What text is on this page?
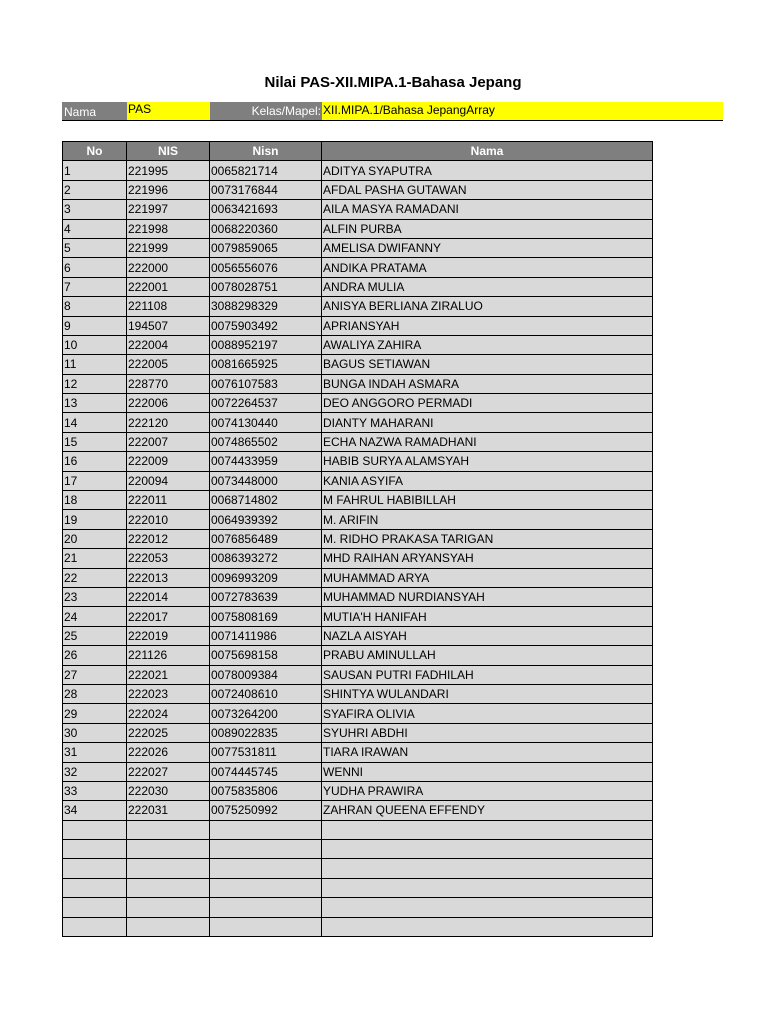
Nilai PAS-XII.MIPA.1-Bahasa Jepang
Nama	PAS	Kelas/Mapel: XII.MIPA.1/Bahasa JepangArray
No	NIS	Nisn	Nama
1	221995	0065821714	ADITYA SYAPUTRA
2	221996	0073176844	AFDAL PASHA GUTAWAN
3	221997	0063421693	AILA MASYA RAMADANI
4	221998	0068220360	ALFIN PURBA
5	221999	0079859065	AMELISA DWIFANNY
6	222000	0056556076	ANDIKA PRATAMA
7	222001	0078028751	ANDRA MULIA
8	221108	3088298329	ANISYA BERLIANA ZIRALUO
9	194507	0075903492	APRIANSYAH
10	222004	0088952197	AWALIYA ZAHIRA
11	222005	0081665925	BAGUS SETIAWAN
12	228770	0076107583	BUNGA INDAH ASMARA
13	222006	0072264537	DEO ANGGORO PERMADI
14	222120	0074130440	DIANTY MAHARANI
15	222007	0074865502	ECHA NAZWA RAMADHANI
16	222009	0074433959	HABIB SURYA ALAMSYAH
17	220094	0073448000	KANIA ASYIFA
18	222011	0068714802	M FAHRUL HABIBILLAH
19	222010	0064939392	M. ARIFIN
20	222012	0076856489	M. RIDHO PRAKASA TARIGAN
21	222053	0086393272	MHD RAIHAN ARYANSYAH
22	222013	0096993209	MUHAMMAD ARYA
23	222014	0072783639	MUHAMMAD NURDIANSYAH
24	222017	0075808169	MUTIA'H HANIFAH
25	222019	0071411986	NAZLA AISYAH
26	221126	0075698158	PRABU AMINULLAH
27	222021	0078009384	SAUSAN PUTRI FADHILAH
28	222023	0072408610	SHINTYA WULANDARI
29	222024	0073264200	SYAFIRA OLIVIA
30	222025	0089022835	SYUHRI ABDHI
31	222026	0077531811	TIARA IRAWAN
32	222027	0074445745	WENNI
33	222030	0075835806	YUDHA PRAWIRA
34	222031	0075250992	ZAHRAN QUEENA EFFENDY
